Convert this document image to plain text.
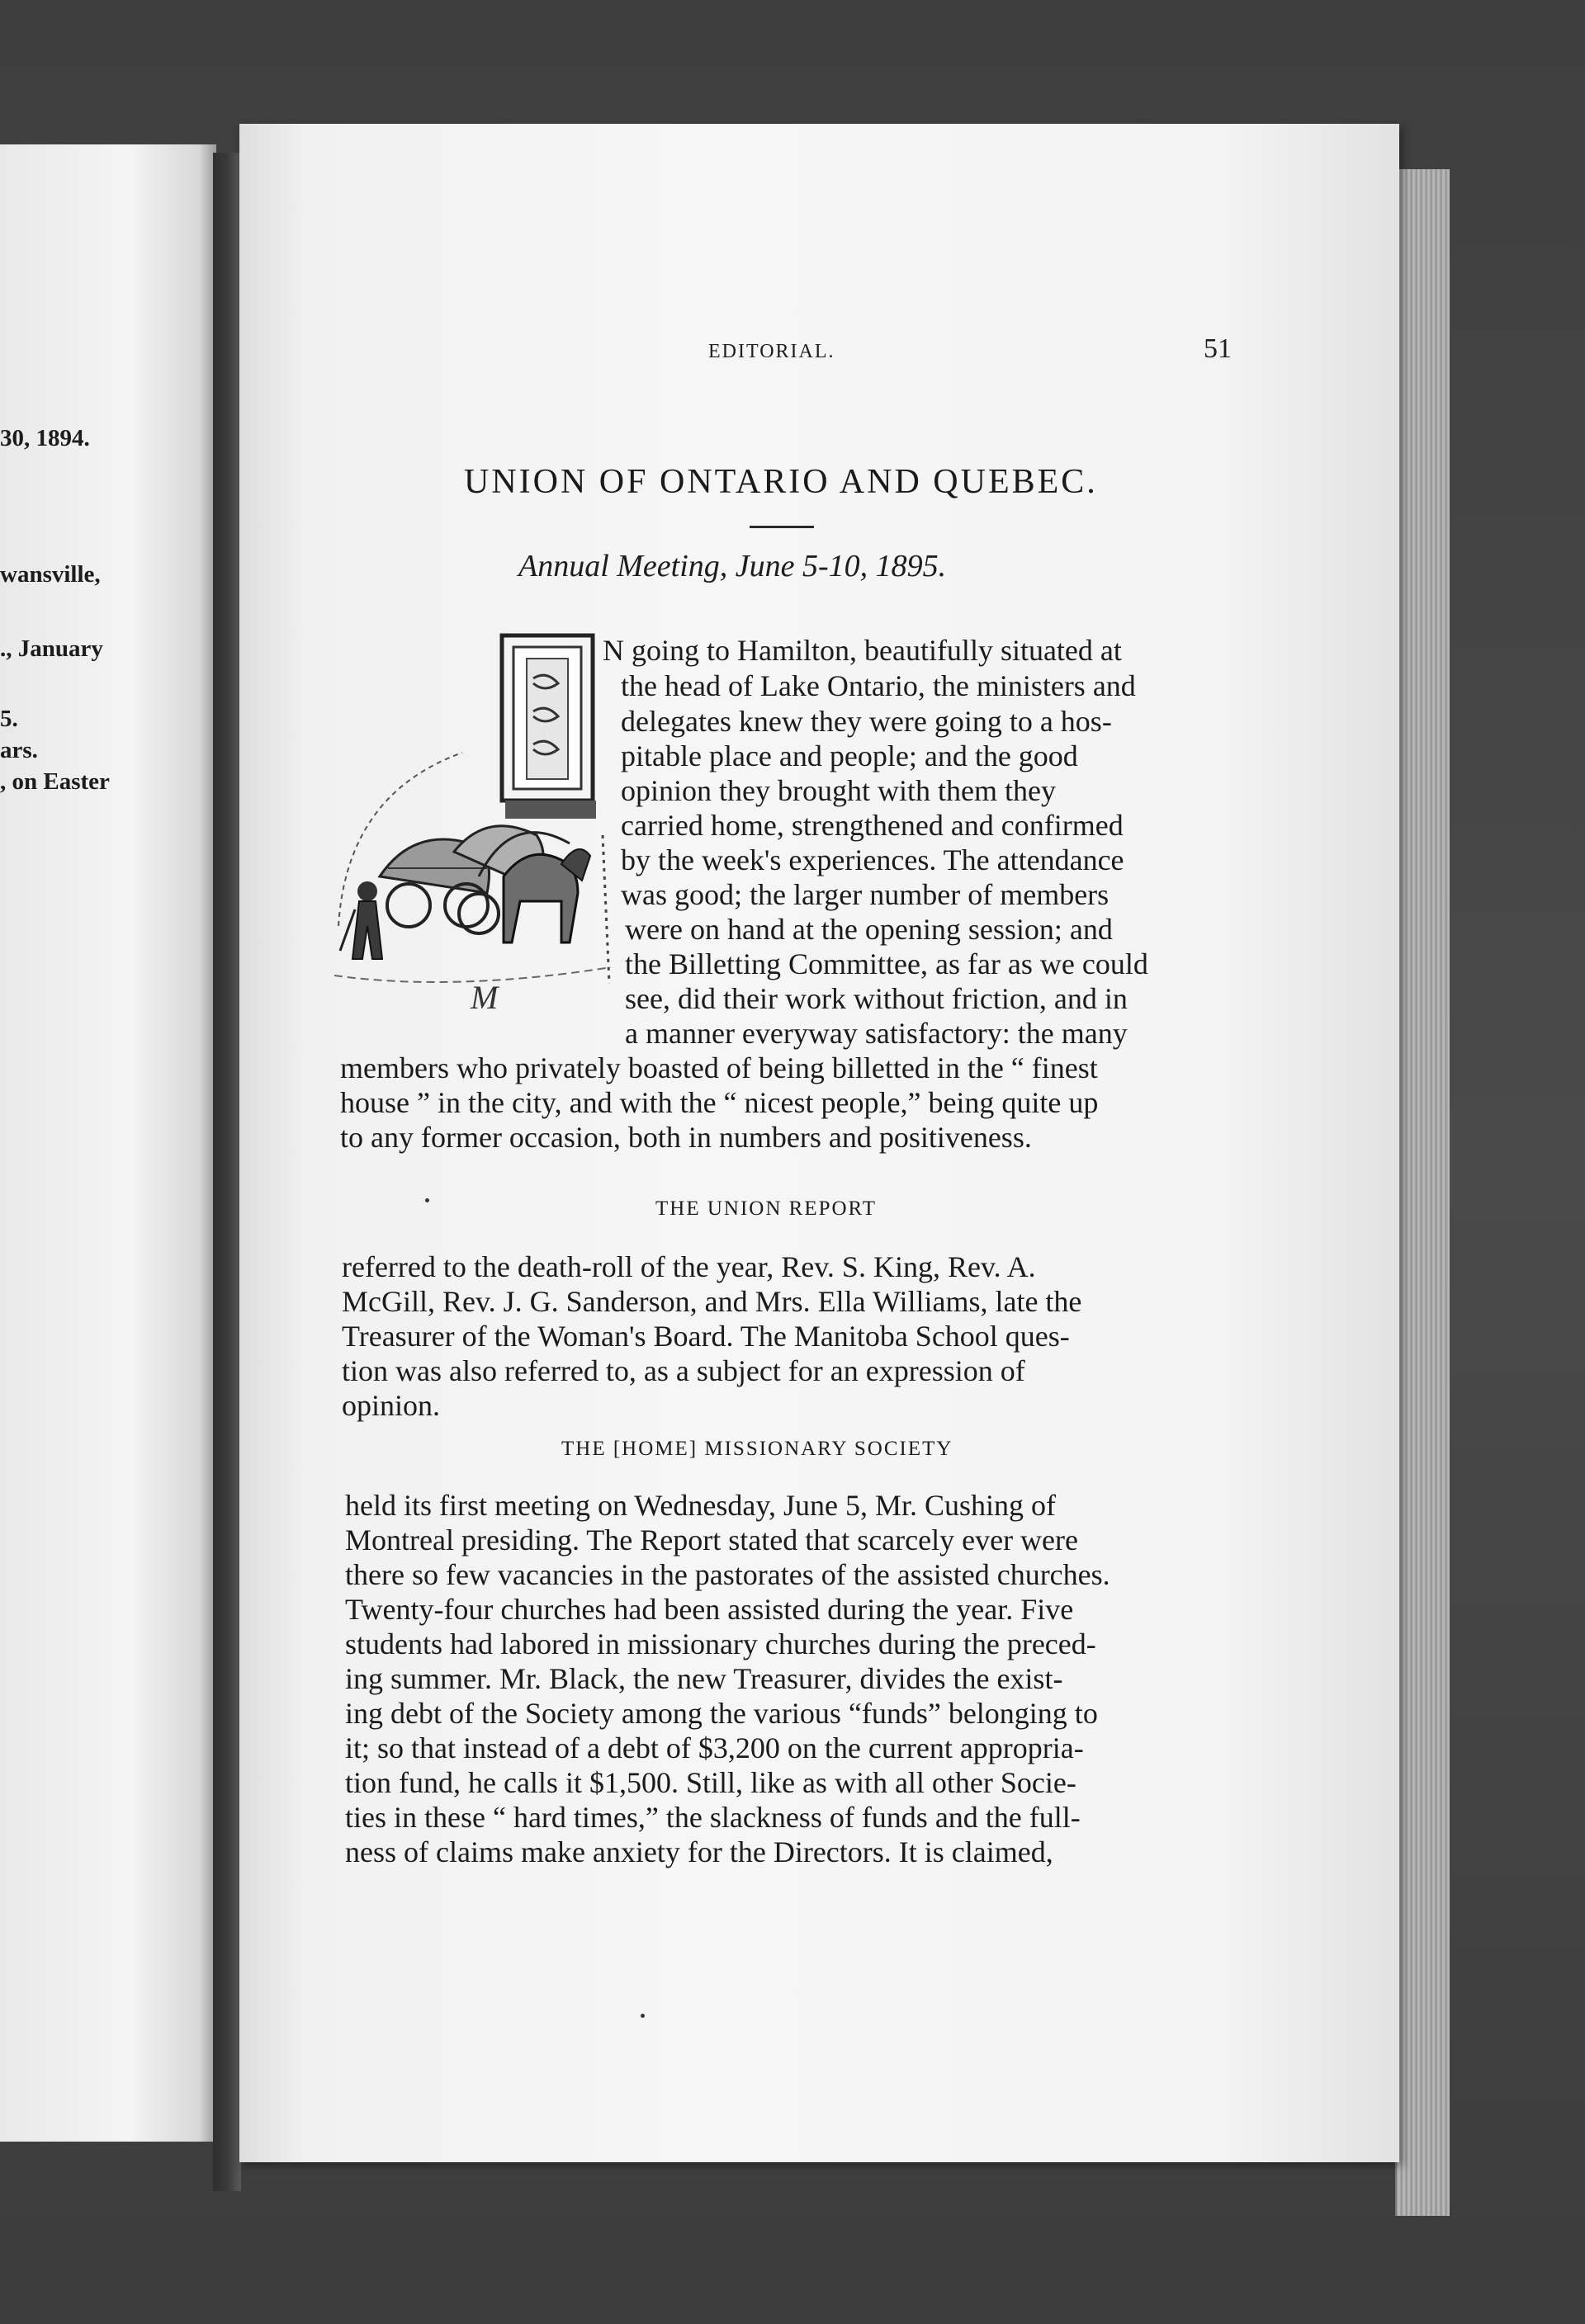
30, 1894.
wansville,
., January
5.
ars.
, on Easter
EDITORIAL.	51
UNION OF ONTARIO AND QUEBEC.
Annual Meeting, June 5-10, 1895.
I
M
N going to Hamilton, beautifully situated at
the head of Lake Ontario, the ministers and
delegates knew they were going to a hos-
pitable place and people; and the good
opinion they brought with them they
carried home, strengthened and confirmed
by the week's experiences. The attendance
was good; the larger number of members
were on hand at the opening session; and
the Billetting Committee, as far as we could
see, did their work without friction, and in
a manner everyway satisfactory: the many
members who privately boasted of being billetted in the “ finest
house ” in the city, and with the “ nicest people,” being quite up
to any former occasion, both in numbers and positiveness.
THE UNION REPORT
referred to the death-roll of the year, Rev. S. King, Rev. A.
McGill, Rev. J. G. Sanderson, and Mrs. Ella Williams, late the
Treasurer of the Woman's Board. The Manitoba School ques-
tion was also referred to, as a subject for an expression of
opinion.
THE [HOME] MISSIONARY SOCIETY
held its first meeting on Wednesday, June 5, Mr. Cushing of
Montreal presiding. The Report stated that scarcely ever were
there so few vacancies in the pastorates of the assisted churches.
Twenty-four churches had been assisted during the year. Five
students had labored in missionary churches during the preced-
ing summer. Mr. Black, the new Treasurer, divides the exist-
ing debt of the Society among the various “funds” belonging to
it; so that instead of a debt of $3,200 on the current appropria-
tion fund, he calls it $1,500. Still, like as with all other Socie-
ties in these “ hard times,” the slackness of funds and the full-
ness of claims make anxiety for the Directors. It is claimed,
